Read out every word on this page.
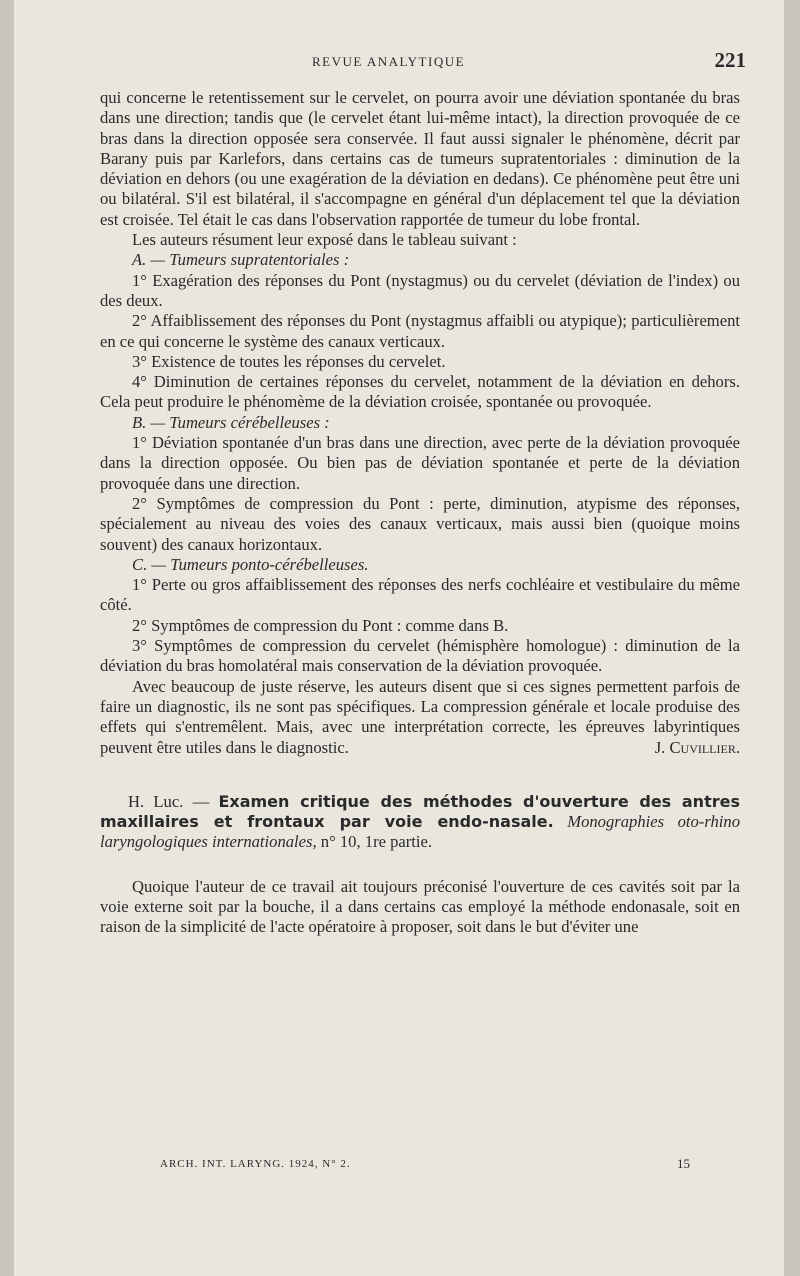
REVUE ANALYTIQUE	221

qui concerne le retentissement sur le cervelet, on pourra avoir une déviation spontanée du bras dans une direction; tandis que (le cervelet étant lui-même intact), la direction provoquée de ce bras dans la direction opposée sera conservée. Il faut aussi signaler le phénomène, décrit par Barany puis par Karlefors, dans certains cas de tumeurs supratentoriales : diminution de la déviation en dehors (ou une exagération de la déviation en dedans). Ce phénomène peut être uni ou bilatéral. S'il est bilatéral, il s'accompagne en général d'un déplacement tel que la déviation est croisée. Tel était le cas dans l'observation rapportée de tumeur du lobe frontal.

Les auteurs résument leur exposé dans le tableau suivant :

A. — Tumeurs supratentoriales :

1° Exagération des réponses du Pont (nystagmus) ou du cervelet (déviation de l'index) ou des deux.

2° Affaiblissement des réponses du Pont (nystagmus affaibli ou atypique); particulièrement en ce qui concerne le système des canaux verticaux.

3° Existence de toutes les réponses du cervelet.

4° Diminution de certaines réponses du cervelet, notamment de la déviation en dehors. Cela peut produire le phénomème de la déviation croisée, spontanée ou provoquée.

B. — Tumeurs cérébelleuses :

1° Déviation spontanée d'un bras dans une direction, avec perte de la déviation provoquée dans la direction opposée. Ou bien pas de déviation spontanée et perte de la déviation provoquée dans une direction.

2° Symptômes de compression du Pont : perte, diminution, atypisme des réponses, spécialement au niveau des voies des canaux verticaux, mais aussi bien (quoique moins souvent) des canaux horizontaux.

C. — Tumeurs ponto-cérébelleuses.

1° Perte ou gros affaiblissement des réponses des nerfs cochléaire et vestibulaire du même côté.

2° Symptômes de compression du Pont : comme dans B.

3° Symptômes de compression du cervelet (hémisphère homologue) : diminution de la déviation du bras homolatéral mais conservation de la déviation provoquée.

Avec beaucoup de juste réserve, les auteurs disent que si ces signes permettent parfois de faire un diagnostic, ils ne sont pas spécifiques. La compression générale et locale produise des effets qui s'entremêlent. Mais, avec une interprétation correcte, les épreuves labyrintiques peuvent être utiles dans le diagnostic.	J. Cuvillier.

H. Luc. — Examen critique des méthodes d'ouverture des antres maxillaires et frontaux par voie endo-nasale. Monographies oto-rhino laryngologiques internationales, n° 10, 1re partie.

Quoique l'auteur de ce travail ait toujours préconisé l'ouverture de ces cavités soit par la voie externe soit par la bouche, il a dans certains cas employé la méthode endonasale, soit en raison de la simplicité de l'acte opératoire à proposer, soit dans le but d'éviter une

ARCH. INT. LARYNG. 1924, N° 2.	15
